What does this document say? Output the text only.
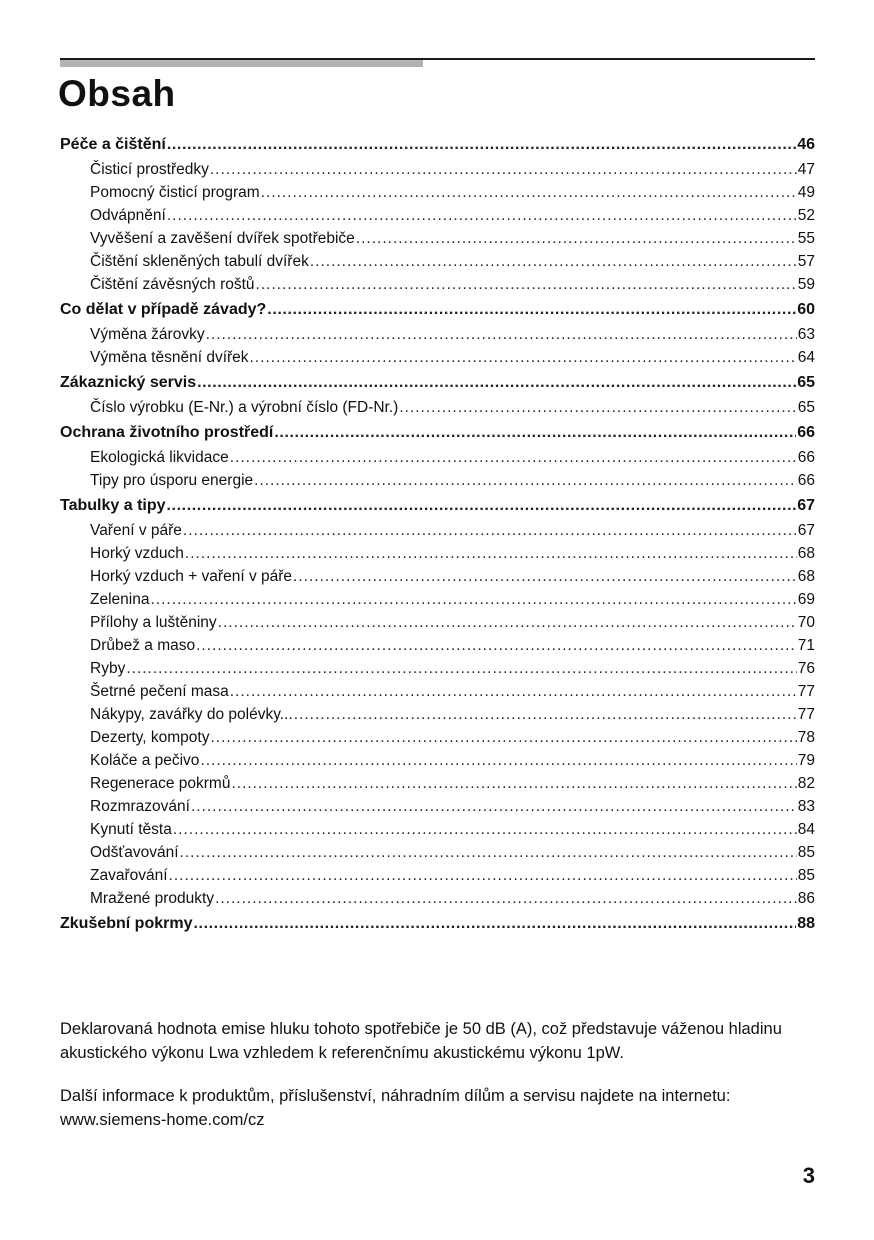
Obsah
Péče a čištění .....	46
Čisticí prostředky .....	47
Pomocný čisticí program .....	49
Odvápnění .....	52
Vyvěšení a zavěšení dvířek spotřebiče .....	55
Čištění skleněných tabulí dvířek .....	57
Čištění závěsných roštů .....	59
Co dělat v případě závady? .....	60
Výměna žárovky .....	63
Výměna těsnění dvířek .....	64
Zákaznický servis .....	65
Číslo výrobku (E-Nr.) a výrobní číslo (FD-Nr.) .....	65
Ochrana životního prostředí .....	66
Ekologická likvidace .....	66
Tipy pro úsporu energie .....	66
Tabulky a tipy .....	67
Vaření v páře .....	67
Horký vzduch .....	68
Horký vzduch + vaření v páře .....	68
Zelenina .....	69
Přílohy a luštěniny .....	70
Drůbež a maso .....	71
Ryby .....	76
Šetrné pečení masa .....	77
Nákypy, zavářky do polévky... .....	77
Dezerty, kompoty .....	78
Koláče a pečivo .....	79
Regenerace pokrmů .....	82
Rozmrazování .....	83
Kynutí těsta .....	84
Odšťavování .....	85
Zavařování .....	85
Mražené produkty .....	86
Zkušební pokrmy .....	88

Deklarovaná hodnota emise hluku tohoto spotřebiče je 50 dB (A), což představuje váženou hladinu akustického výkonu Lwa vzhledem k referenčnímu akustickému výkonu 1pW.

Další informace k produktům, příslušenství, náhradním dílům a servisu najdete na internetu: www.siemens-home.com/cz

3
